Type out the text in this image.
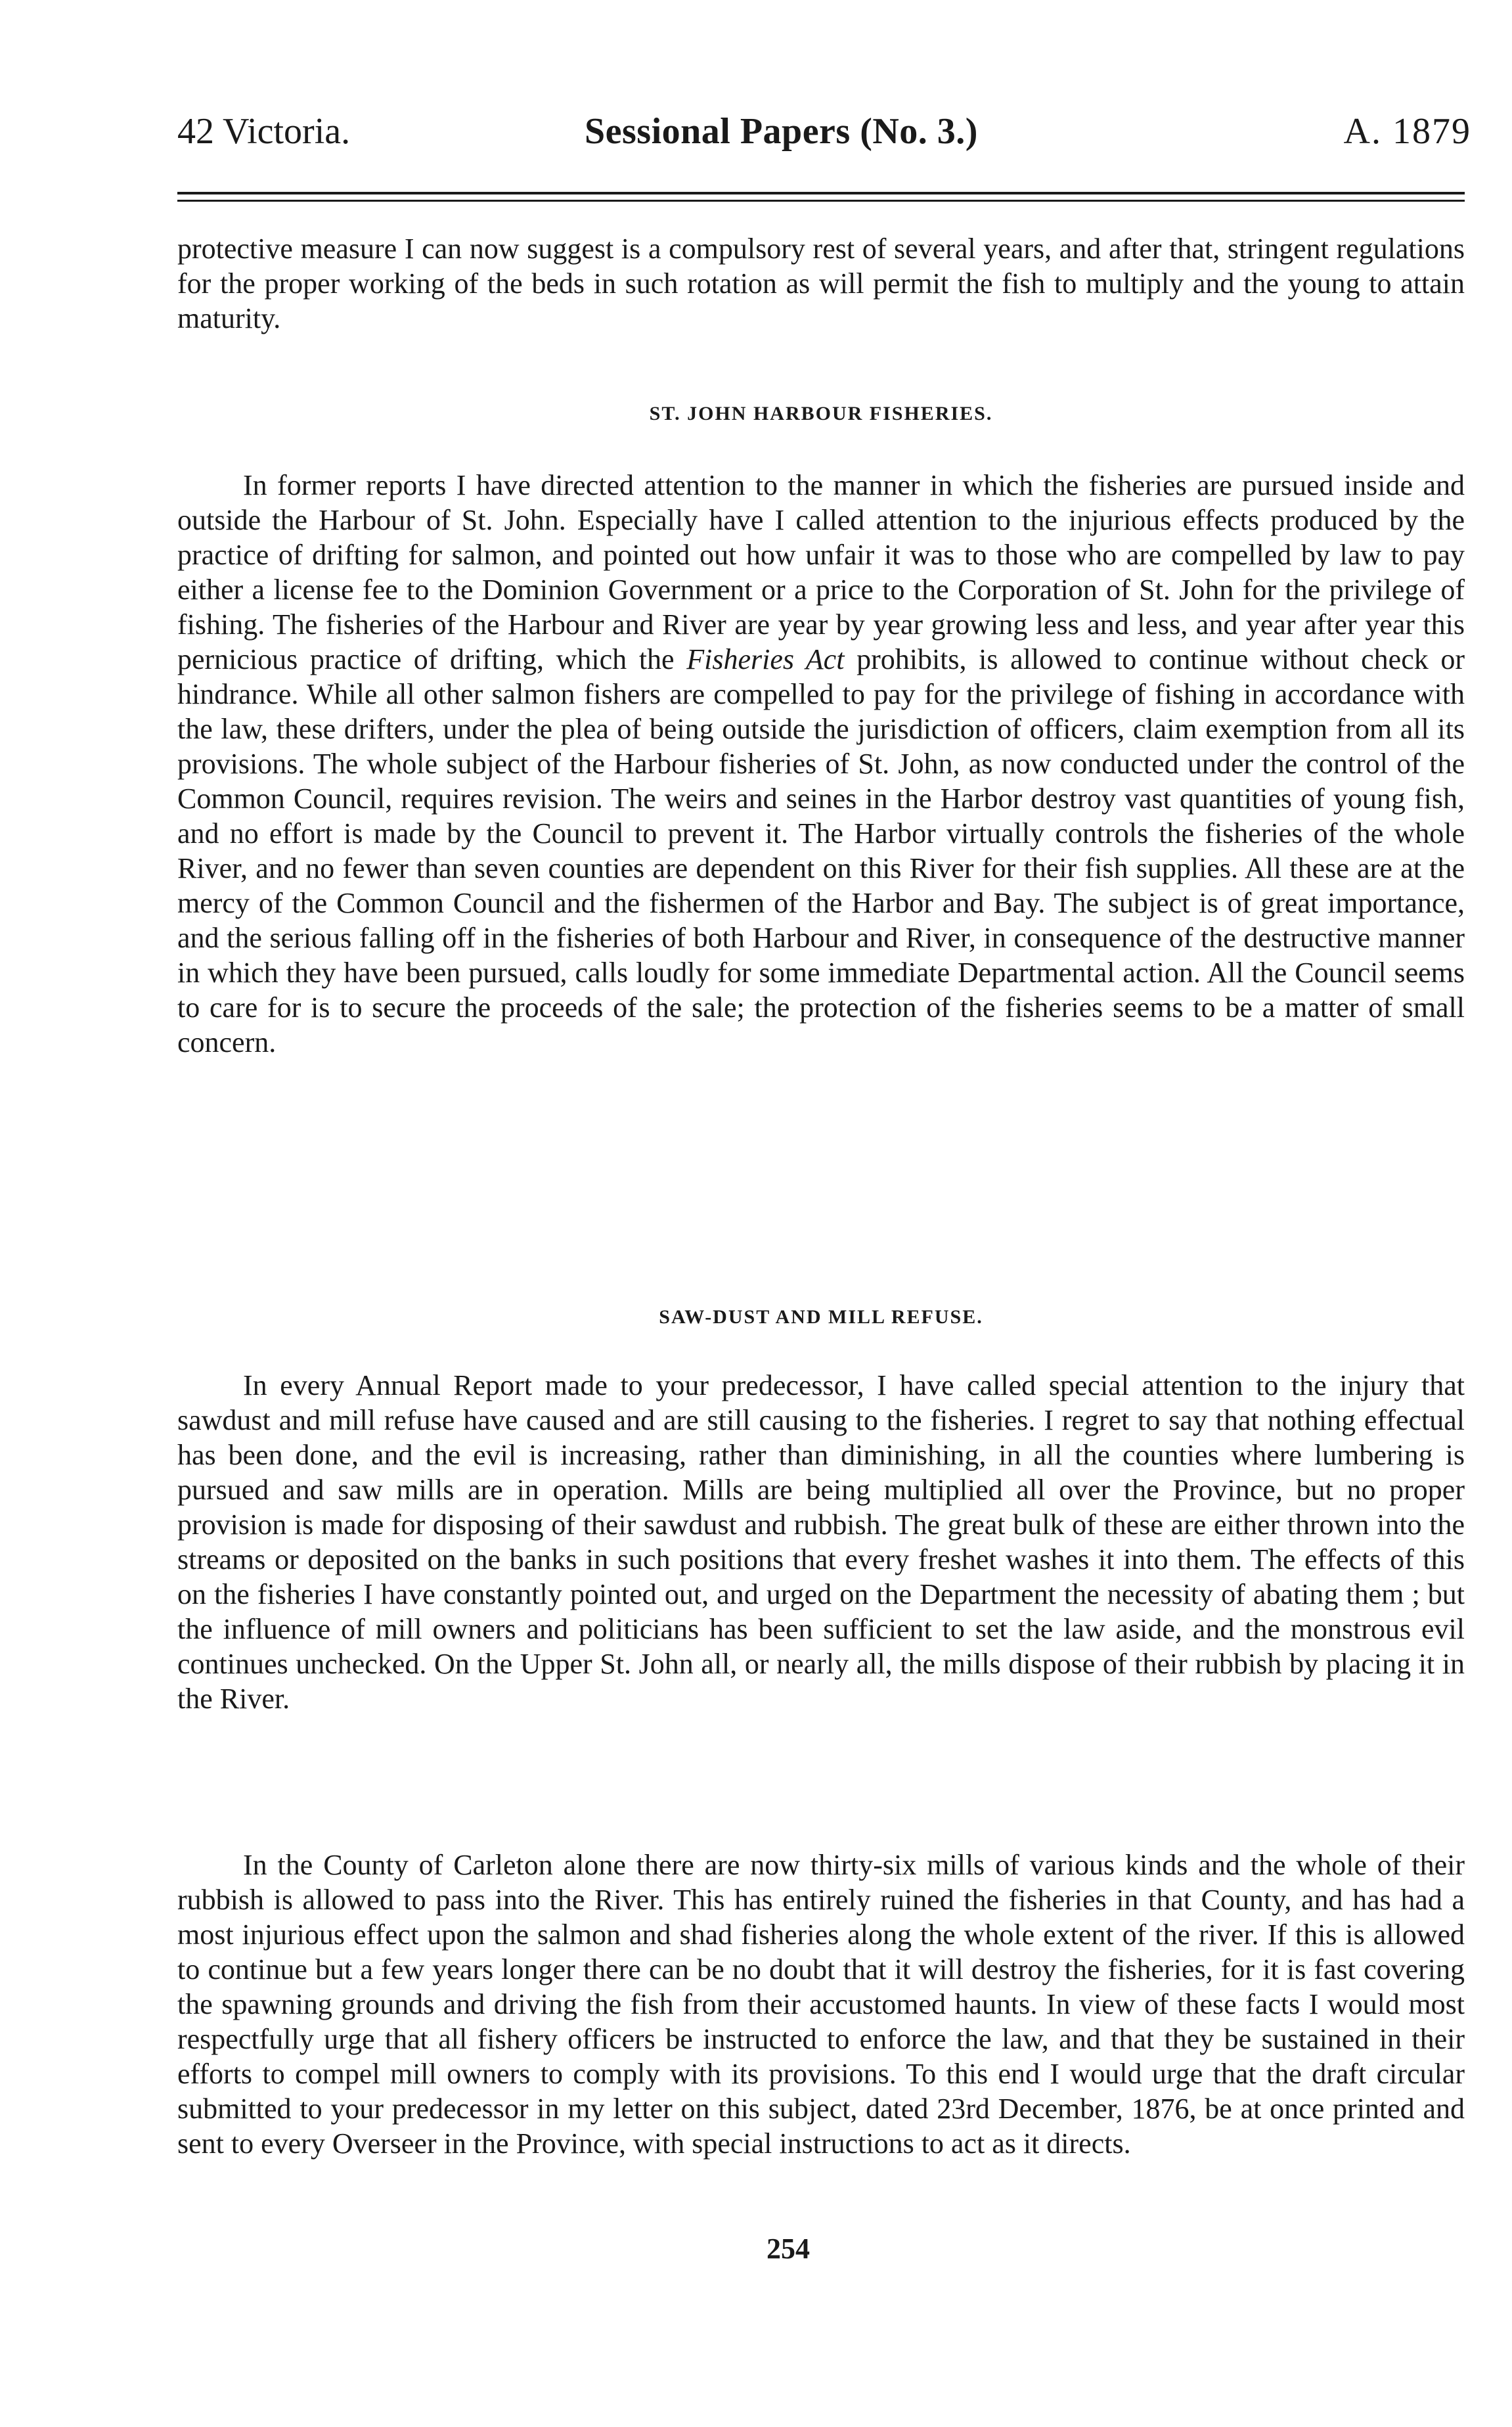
42 Victoria.	Sessional Papers (No. 3.)	A. 1879

protective measure I can now suggest is a compulsory rest of several years, and after that, stringent regulations for the proper working of the beds in such rotation as will permit the fish to multiply and the young to attain maturity.

ST. JOHN HARBOUR FISHERIES.

In former reports I have directed attention to the manner in which the fisheries are pursued inside and outside the Harbour of St. John. Especially have I called attention to the injurious effects produced by the practice of drifting for salmon, and pointed out how unfair it was to those who are compelled by law to pay either a license fee to the Dominion Government or a price to the Corporation of St. John for the privilege of fishing. The fisheries of the Harbour and River are year by year growing less and less, and year after year this pernicious practice of drifting, which the Fisheries Act prohibits, is allowed to continue without check or hindrance. While all other salmon fishers are compelled to pay for the privilege of fishing in accordance with the law, these drifters, under the plea of being outside the jurisdiction of officers, claim exemption from all its provisions. The whole subject of the Harbour fisheries of St. John, as now conducted under the control of the Common Council, requires revision. The weirs and seines in the Harbor destroy vast quantities of young fish, and no effort is made by the Council to prevent it. The Harbor virtually controls the fisheries of the whole River, and no fewer than seven counties are dependent on this River for their fish supplies. All these are at the mercy of the Common Council and the fishermen of the Harbor and Bay. The subject is of great importance, and the serious falling off in the fisheries of both Harbour and River, in consequence of the destructive manner in which they have been pursued, calls loudly for some immediate Departmental action. All the Council seems to care for is to secure the proceeds of the sale; the protection of the fisheries seems to be a matter of small concern.

SAW-DUST AND MILL REFUSE.

In every Annual Report made to your predecessor, I have called special attention to the injury that sawdust and mill refuse have caused and are still causing to the fisheries. I regret to say that nothing effectual has been done, and the evil is increasing, rather than diminishing, in all the counties where lumbering is pursued and saw mills are in operation. Mills are being multiplied all over the Province, but no proper provision is made for disposing of their sawdust and rubbish. The great bulk of these are either thrown into the streams or deposited on the banks in such positions that every freshet washes it into them. The effects of this on the fisheries I have constantly pointed out, and urged on the Department the necessity of abating them ; but the influence of mill owners and politicians has been sufficient to set the law aside, and the monstrous evil continues unchecked. On the Upper St. John all, or nearly all, the mills dispose of their rubbish by placing it in the River.

In the County of Carleton alone there are now thirty-six mills of various kinds and the whole of their rubbish is allowed to pass into the River. This has entirely ruined the fisheries in that County, and has had a most injurious effect upon the salmon and shad fisheries along the whole extent of the river. If this is allowed to continue but a few years longer there can be no doubt that it will destroy the fisheries, for it is fast covering the spawning grounds and driving the fish from their accustomed haunts. In view of these facts I would most respectfully urge that all fishery officers be instructed to enforce the law, and that they be sustained in their efforts to compel mill owners to comply with its provisions. To this end I would urge that the draft circular submitted to your predecessor in my letter on this subject, dated 23rd December, 1876, be at once printed and sent to every Overseer in the Province, with special instructions to act as it directs.

254
